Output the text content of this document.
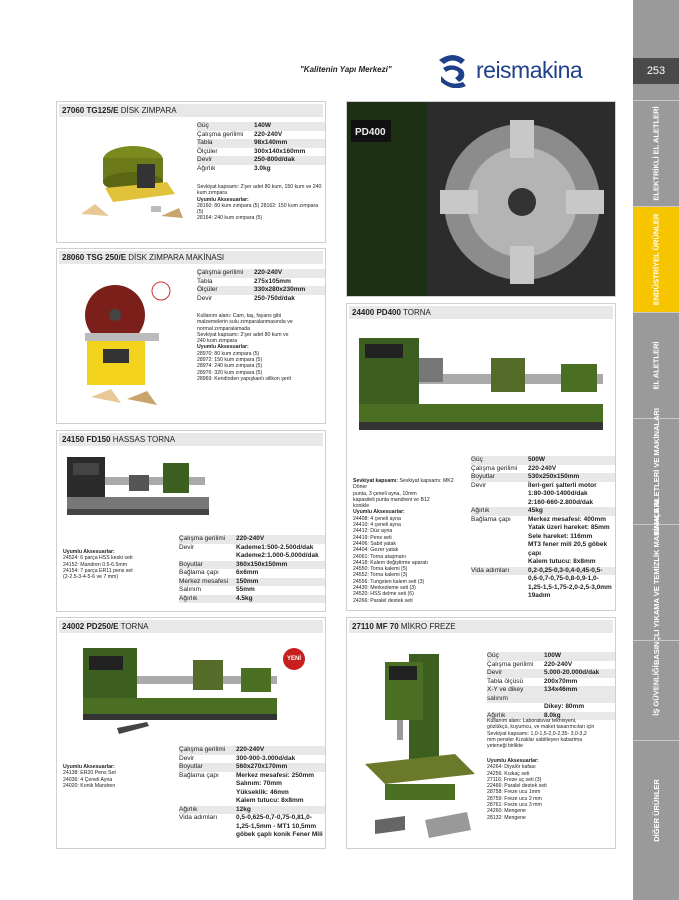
253
ELEKTRİKLİ EL ALETLERİ
ENDÜSTRİYEL ÜRÜNLER
EL ALETLERİ
BAHÇE ALETLERİ VE MAKİNALARI
BASINÇLI YIKAMA VE TEMİZLİK MAKİNALARI
İŞ GÜVENLİĞİ
DİĞER ÜRÜNLER
"Kalitenin Yapı Merkezi"	reismakina
27060 TG125/E DİSK ZIMPARA
Güç	140W
Çalışma gerilimi	220-240V
Tabla	98x140mm
Ölçüler	300x140x160mm
Devir	250-800d/dak
Ağırlık	3.0kg
Sevkiyat kapsamı: 2'şer adet 80 kum, 150 kum ve 240 kum zımpara
Uyumlu Aksesuarlar:
28160: 80 kum zımpara (5) 28162: 150 kum zımpara (5)
28164: 240 kum zımpara (5)
28060 TSG 250/E DİSK ZIMPARA MAKİNASI
Çalışma gerilimi	220-240V
Tabla	275x105mm
Ölçüler	330x280x230mm
Devir	250-750d/dak
Kullanım alanı: Cam, taş, fayans gibi
malzemelerin sulu zımparalanmasında ve
normal zımparalamada
Sevkiyat kapsamı: 2'şer adet 80 kum ve
240 kum zımpara
Uyumlu Aksesuarlar:
28970: 80 kum zımpara (5)
28972: 150 kum zımpara (5)
28974: 240 kum zımpara (5)
28976: 320 kum zımpara (5)
28969: Kendinden yapışkanlı silikon şerit
24150 FD150 HASSAS TORNA
Uyumlu Aksesuarlar:
24524: 6 parça HSS keski seti
24152: Mandren 0.5-6.5mm
24154: 7 parça ER11 pens set
(2-2.5-3-4-5-6 ve 7 mm)
Çalışma gerilimi	220-240V
Devir	Kademe1:500-2.500d/dak
Kademe2:1.000-5.000d/dak
Boyutlar	360x150x150mm
Bağlama çapı	6x6mm
Merkez mesafesi	150mm
Salınım	55mm
Ağırlık	4.5kg
24002 PD250/E TORNA
YENİ
Uyumlu Aksesuarlar:
24138: ER20 Pens Set
24036: 4 Çeneli Ayna
24020: Konik Mandren
Çalışma gerilimi	220-240V
Devir	300-900-3.000d/dak
Boyutlar	560x270x170mm
Bağlama çapı	Merkez mesafesi: 250mm
Salınım: 70mm
Yükseklik: 46mm
Kalem tutucu: 8x8mm
Ağırlık	12kg
Vida adımları	0,5-0,625-0,7-0,75-0,81,0-
1,25-1,5mm - MT1 10,5mm
göbek çaplı konik Fener Mili
PD400
24400 PD400 TORNA
Sevkiyat kapsamı: Sevkiyat kapsamı: MK2 Döner
punta, 3 çeneli ayna, 10mm
kapasiteli punta mandreni ve B12
konikle
Uyumlu Aksesuarlar:
24408: 4 çeneli ayna
24410: 4 çeneli ayna
24412: Düz ayna
24419: Pens seti
24406: Sabit yatak
24404: Gezer yatak
24061: Torna ataşmanı
24418: Kalem değiştirme aparatı
24550: Torna kalemi (5)
24552: Torna kalemi (3)
24556: Tungsten kalem seti (3)
24430: Merkezleme seti (3)
24520: HSS delme seti (6)
24266: Paralel destek seti
Güç	500W
Çalışma gerilimi	220-240V
Boyutlar	530x250x150mm
Devir	İleri-geri şalterli motor
1:80-300-1400d/dak
2:160-660-2.800d/dak
Ağırlık	45kg
Bağlama çapı	Merkez mesafesi: 400mm
Yatak üzeri hareket: 85mm
Sele hareket: 116mm
MT3 fener mili 20,5 göbek çapı
Kalem tutucu: 8x8mm
Vida adımları	0,2-0,25-0,3-0,4-0,45-0,5-
0,6-0,7-0,75-0,8-0,9-1,0-
1,25-1,5-1,75-2,0-2,5-3,0mm
19adım
27110 MF 70 MİKRO FREZE
Güç	100W
Çalışma gerilimi	220-240V
Devir	5.000-20.000d/dak
Tabla ölçüsü	200x70mm
X-Y ve dikey salınım
134x46mm
Dikey: 80mm
Ağırlık	8.0kg
Kullanım alanı: Laboratuvar teknisyeni,
gözlükçü, kuyumcu, ve maket tasarımcıları için
Sevkiyat kapsamı: 1,0-1,5-2,0-2,35- 3,0-3,2
mm pensler Kızaklar sabitleyen kabartma
yeteneği birlikte
Uyumlu Aksesuarlar:
24264: Diyalör kafası
24256: Kıskaç seti
27116: Freze uç seti (3)
22466: Paralel destek seti
28758: Freze ucu 1mm
28759: Freze ucu 2 mm
28761: Freze ucu 3 mm
24260: Mengene
28132: Mengene
